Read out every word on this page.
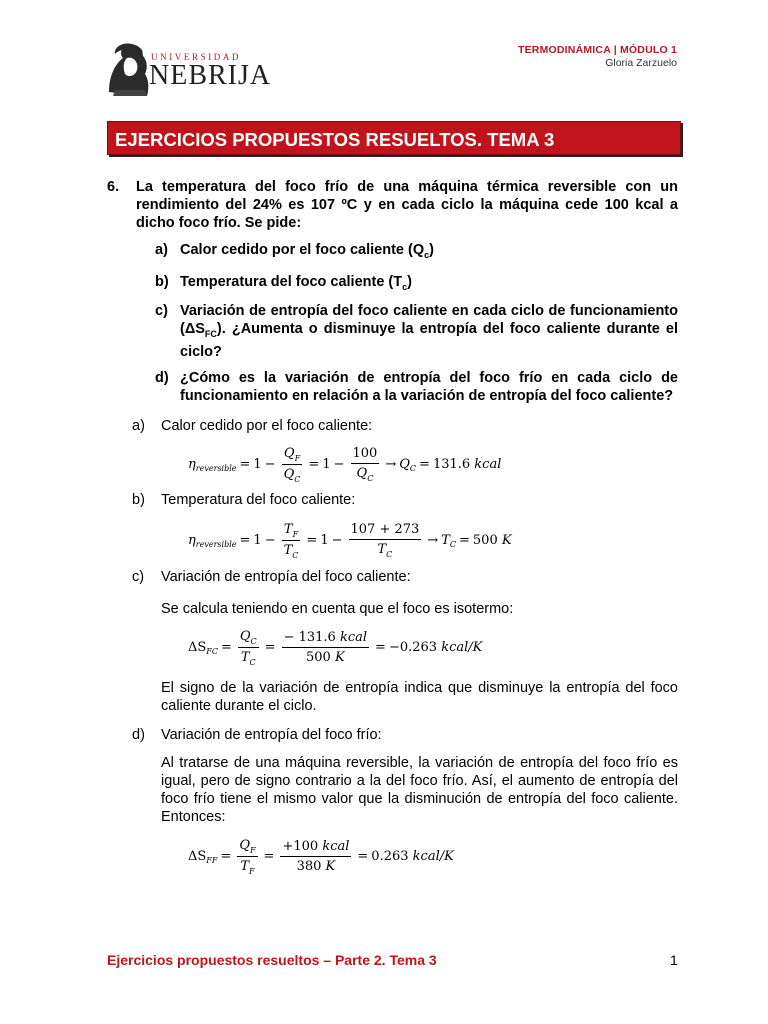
UNIVERSIDAD
NEBRIJA
TERMODINÁMICA | MÓDULO 1
Gloria Zarzuelo
EJERCICIOS PROPUESTOS RESUELTOS. TEMA 3
6. La temperatura del foco frío de una máquina térmica reversible con un rendimiento del 24% es 107 ºC y en cada ciclo la máquina cede 100 kcal a dicho foco frío. Se pide:
a) Calor cedido por el foco caliente $(Q_c)$
b) Temperatura del foco caliente $(T_c)$
c) Variación de entropía del foco caliente en cada ciclo de funcionamiento $(\Delta S_{FC})$. ¿Aumenta o disminuye la entropía del foco caliente durante el ciclo?
d) ¿Cómo es la variación de entropía del foco frío en cada ciclo de funcionamiento en relación a la variación de entropía del foco caliente?
a) Calor cedido por el foco caliente:
η reversible = $1 - \frac{Q_F}{Q_C} = 1 - \frac{100}{Q_C} \to Q$ C = 131.6
kcal
b) Temperatura del foco caliente:
η reversible = $1 - \frac{T_F}{T_C} = 1 - \frac{107 + 273}{T_C} \to T$ C = 500
K
c) Variación de entropía del foco caliente:
Se calcula teniendo en cuenta que el foco es isotermo:
ΔS FC = $\frac{Q_C}{T_C} = \frac{\text{− 131.6 kcal}}{500 K} = -0.263$
kcal/K
El signo de la variación de entropía indica que disminuye la entropía del foco caliente durante el ciclo.
d) Variación de entropía del foco frío:
Al tratarse de una máquina reversible, la variación de entropía del foco frío es igual, pero de signo contrario a la del foco frío. Así, el aumento de entropía del foco frío tiene el mismo valor que la disminución de entropía del foco caliente. Entonces:
ΔS FF = $\frac{Q_F}{T_F} = \frac{\text{+100 kcal}}{380 K} = 0.263$
kcal/K
Ejercicios propuestos resueltos – Parte 2. Tema 3	1
